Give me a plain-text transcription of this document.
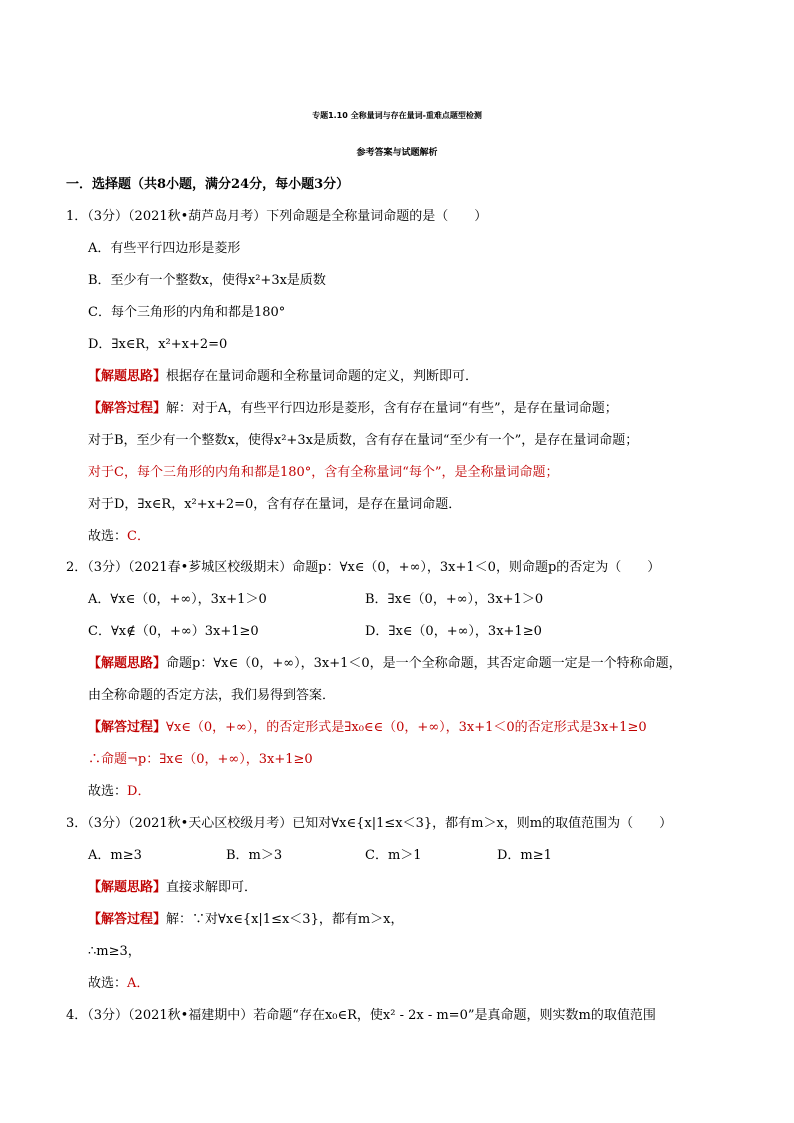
专题1.10 全称量词与存在量词-重难点题型检测
参考答案与试题解析
一．选择题（共8小题，满分24分，每小题3分）
1．（3分）（2021秋•葫芦岛月考）下列命题是全称量词命题的是（　　）
A．有些平行四边形是菱形
B．至少有一个整数x，使得x²+3x是质数
C．每个三角形的内角和都是180°
D．∃x∈R，x²+x+2=0
【解题思路】根据存在量词命题和全称量词命题的定义，判断即可．
【解答过程】解：对于A，有些平行四边形是菱形，含有存在量词“有些”，是存在量词命题；
对于B，至少有一个整数x，使得x²+3x是质数，含有存在量词“至少有一个”，是存在量词命题；
对于C，每个三角形的内角和都是180°，含有全称量词“每个”，是全称量词命题；
对于D，∃x∈R，x²+x+2=0，含有存在量词，是存在量词命题．
故选：C．
2．（3分）（2021春•芗城区校级期末）命题p：∀x∈（0，+∞），3x+1＜0，则命题p的否定为（　　）
A．∀x∈（0，+∞），3x+1＞0	B．∃x∈（0，+∞），3x+1＞0
C．∀x∉（0，+∞）3x+1≥0	D．∃x∈（0，+∞），3x+1≥0
【解题思路】命题p：∀x∈（0，+∞），3x+1＜0，是一个全称命题，其否定命题一定是一个特称命题，
由全称命题的否定方法，我们易得到答案．
【解答过程】∀x∈（0，+∞），的否定形式是∃x₀∈∈（0，+∞），3x+1＜0的否定形式是3x+1≥0
∴命题¬p：∃x∈（0，+∞），3x+1≥0
故选：D．
3．（3分）（2021秋•天心区校级月考）已知对∀x∈{x|1≤x＜3}，都有m＞x，则m的取值范围为（　　）
A．m≥3	B．m＞3	C．m＞1	D．m≥1
【解题思路】直接求解即可．
【解答过程】解：∵对∀x∈{x|1≤x＜3}，都有m＞x，
∴m≥3，
故选：A．
4．（3分）（2021秋•福建期中）若命题“存在x₀∈R，使x² - 2x - m=0”是真命题，则实数m的取值范围
